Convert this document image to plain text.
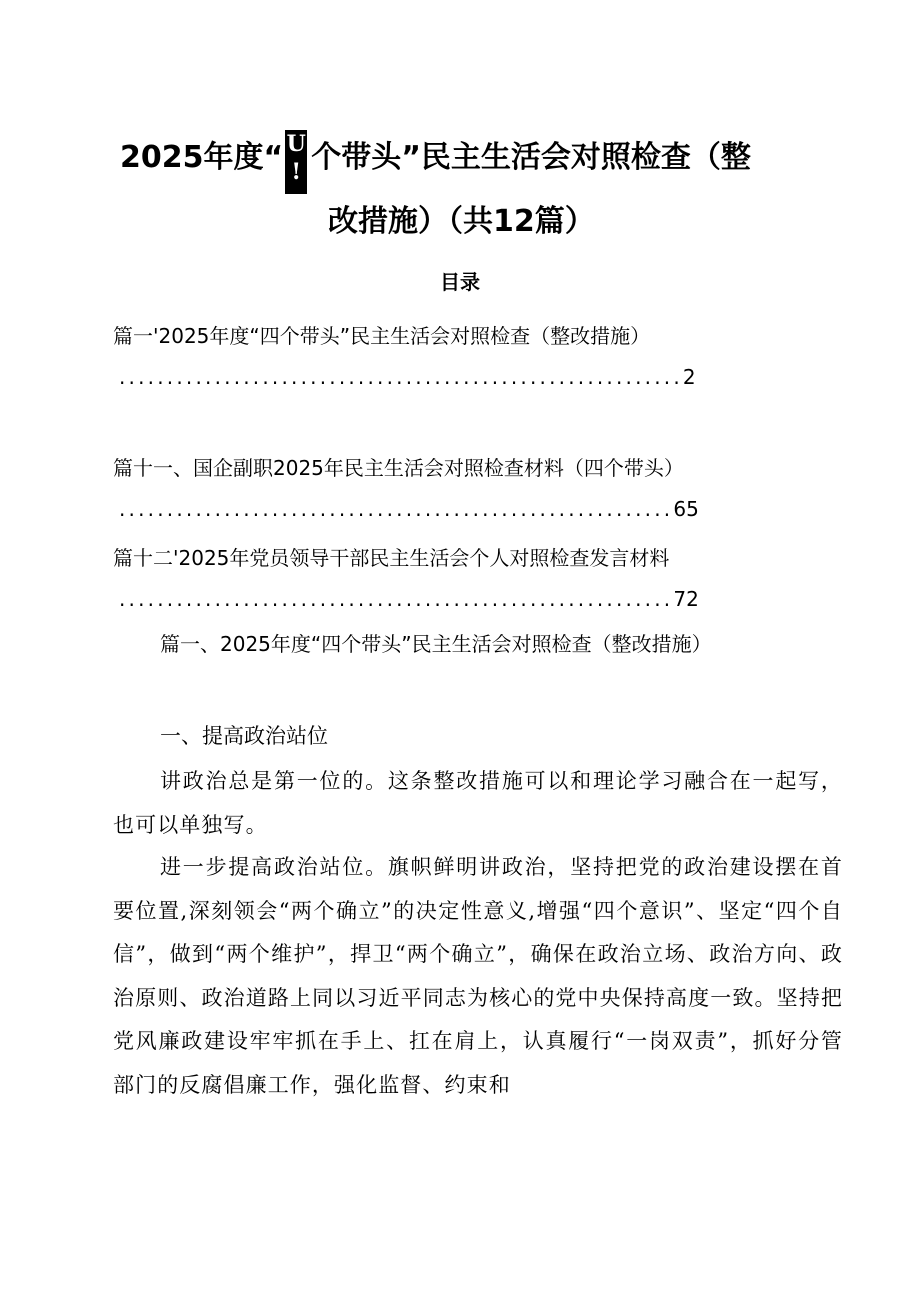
2025年度“ U
! 个带头”民主生活会对照检查（整
改措施）（共12篇）
目录
篇一'2025年度“四个带头”民主生活会对照检查（整改措施）
...........................................................2
篇十一、国企副职2025年民主生活会对照检查材料（四个带头）
..........................................................65
篇十二'2025年党员领导干部民主生活会个人对照检查发言材料
..........................................................72
篇一、2025年度“四个带头”民主生活会对照检查（整改措施）
一、提高政治站位

讲政治总是第一位的。这条整改措施可以和理论学习融合在一起写，也可以单独写。

进一步提高政治站位。旗帜鲜明讲政治，坚持把党的政治建设摆在首要位置,深刻领会“两个确立”的决定性意义,增强“四个意识”、坚定“四个自信”，做到“两个维护”，捍卫“两个确立”，确保在政治立场、政治方向、政治原则、政治道路上同以习近平同志为核心的党中央保持高度一致。坚持把党风廉政建设牢牢抓在手上、扛在肩上，认真履行“一岗双责”，抓好分管部门的反腐倡廉工作，强化监督、约束和
